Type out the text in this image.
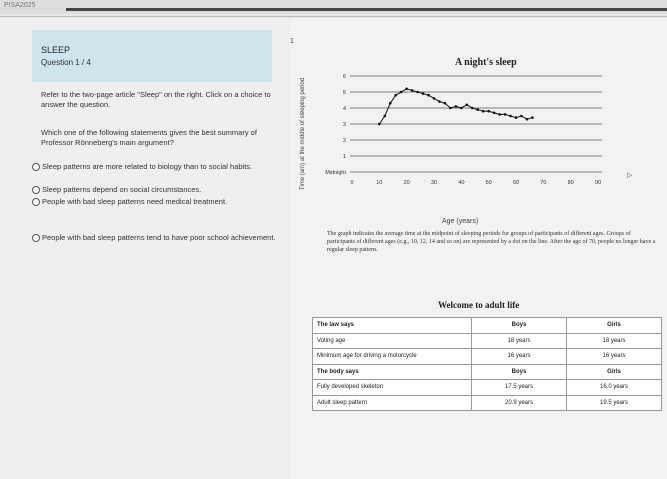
PISA2025
SLEEP
Question 1 / 4
Refer to the two-page article "Sleep" on the right. Click on a choice to answer the question.
Which one of the following statements gives the best summary of Professor Rönneberg's main argument?
Sleep patterns are more related to biology than to social habits.
Sleep patterns depend on social circumstances.
People with bad sleep patterns need medical treatment.
People with bad sleep patterns tend to have poor school achievement.
1
A night's sleep
Time (am) at the middle of sleeping period	Midnight
1
2
3
4
5
6
0	10	20	30	40	50	60	70	80	90
Age (years)
The graph indicates the average time at the midpoint of sleeping periods for groups of participants of different ages. Groups of participants of different ages (e.g., 10, 12, 14 and so on) are represented by a dot on the line. After the age of 70, people no longer have a regular sleep pattern.
▷
Welcome to adult life
The law says	Boys	Girls
Voting age	18 years	18 years
Minimum age for driving a motorcycle	16 years	16 years
The body says	Boys	Girls
Fully developed skeleton	17.5 years	16.0 years
Adult sleep pattern	20.9 years	19.5 years
